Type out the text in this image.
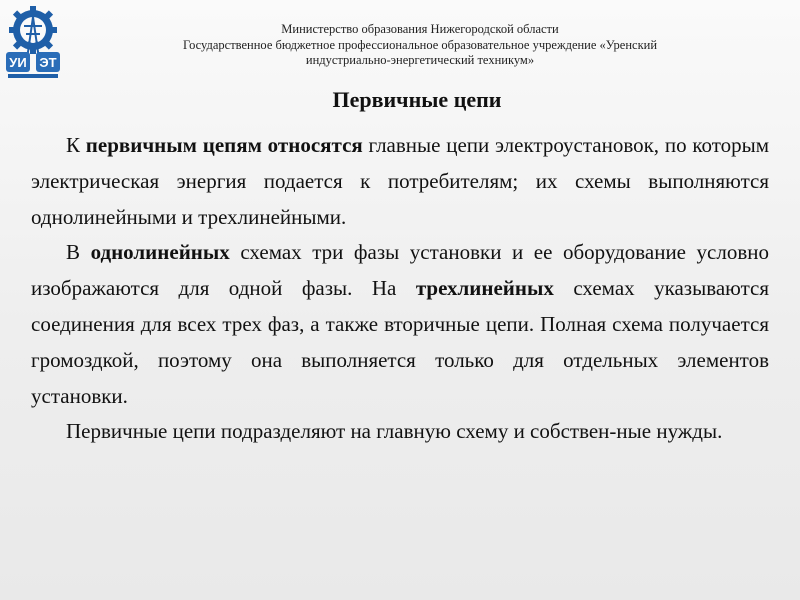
УИ ЭТ
Министерство образования Нижегородской области
Государственное бюджетное профессиональное образовательное учреждение «Уренский
индустриально-энергетический техникум»
Первичные цепи

К первичным цепям относятся главные цепи электроустановок, по которым электрическая энергия подается к потребителям; их схемы выполняются однолинейными и трехлинейными.

В однолинейных схемах три фазы установки и ее оборудование условно изображаются для одной фазы. На трехлинейных схемах указываются соединения для всех трех фаз, а также вторичные цепи. Полная схема получается громоздкой, поэтому она выполняется только для отдельных элементов установки.

Первичные цепи подразделяют на главную схему и собствен-ные нужды.
